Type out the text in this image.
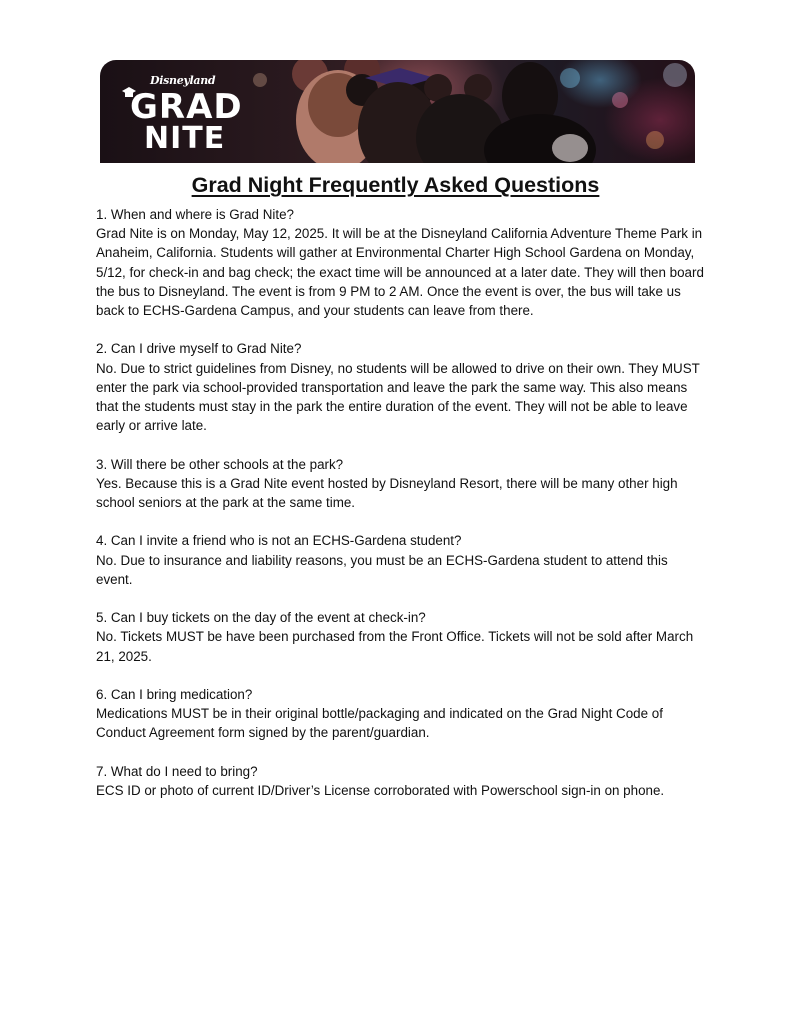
Disneyland
GRAD
NITE
Grad Night Frequently Asked Questions

1. When and where is Grad Nite?

Grad Nite is on Monday, May 12, 2025. It will be at the Disneyland California Adventure Theme Park in Anaheim, California. Students will gather at Environmental Charter High School Gardena on Monday, 5/12, for check-in and bag check; the exact time will be announced at a later date. They will then board the bus to Disneyland. The event is from 9 PM to 2 AM. Once the event is over, the bus will take us back to ECHS-Gardena Campus, and your students can leave from there.

2. Can I drive myself to Grad Nite?

No. Due to strict guidelines from Disney, no students will be allowed to drive on their own. They MUST enter the park via school-provided transportation and leave the park the same way. This also means that the students must stay in the park the entire duration of the event. They will not be able to leave early or arrive late.

3. Will there be other schools at the park?

Yes. Because this is a Grad Nite event hosted by Disneyland Resort, there will be many other high school seniors at the park at the same time.

4. Can I invite a friend who is not an ECHS-Gardena student?

No. Due to insurance and liability reasons, you must be an ECHS-Gardena student to attend this event.

5. Can I buy tickets on the day of the event at check-in?

No. Tickets MUST be have been purchased from the Front Office. Tickets will not be sold after March 21, 2025.

6. Can I bring medication?

Medications MUST be in their original bottle/packaging and indicated on the Grad Night Code of Conduct Agreement form signed by the parent/guardian.

7. What do I need to bring?

ECS ID or photo of current ID/Driver’s License corroborated with Powerschool sign-in on phone.
